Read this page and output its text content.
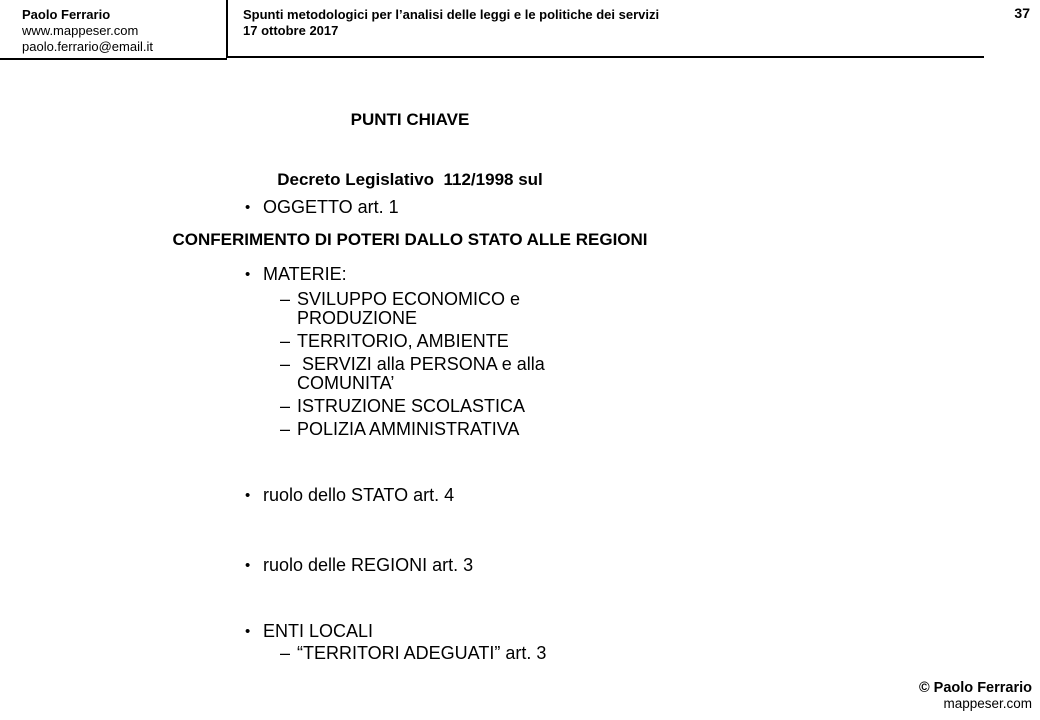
Paolo Ferrario
www.mappeser.com
paolo.ferrario@email.it
Spunti metodologici per l’analisi delle leggi e le politiche dei servizi
17 ottobre 2017
37

PUNTI CHIAVE

Decreto Legislativo  112/1998 sul

CONFERIMENTO DI POTERI DALLO STATO ALLE REGIONI

• OGGETTO art. 1
• MATERIE:
– SVILUPPO ECONOMICO e PRODUZIONE
– TERRITORIO, AMBIENTE
– SERVIZI alla PERSONA e alla COMUNITA’
– ISTRUZIONE SCOLASTICA
– POLIZIA AMMINISTRATIVA
• ruolo dello STATO art. 4
• ruolo delle REGIONI art. 3
• ENTI LOCALI
– “TERRITORI ADEGUATI” art. 3
© Paolo Ferrario
mappeser.com
